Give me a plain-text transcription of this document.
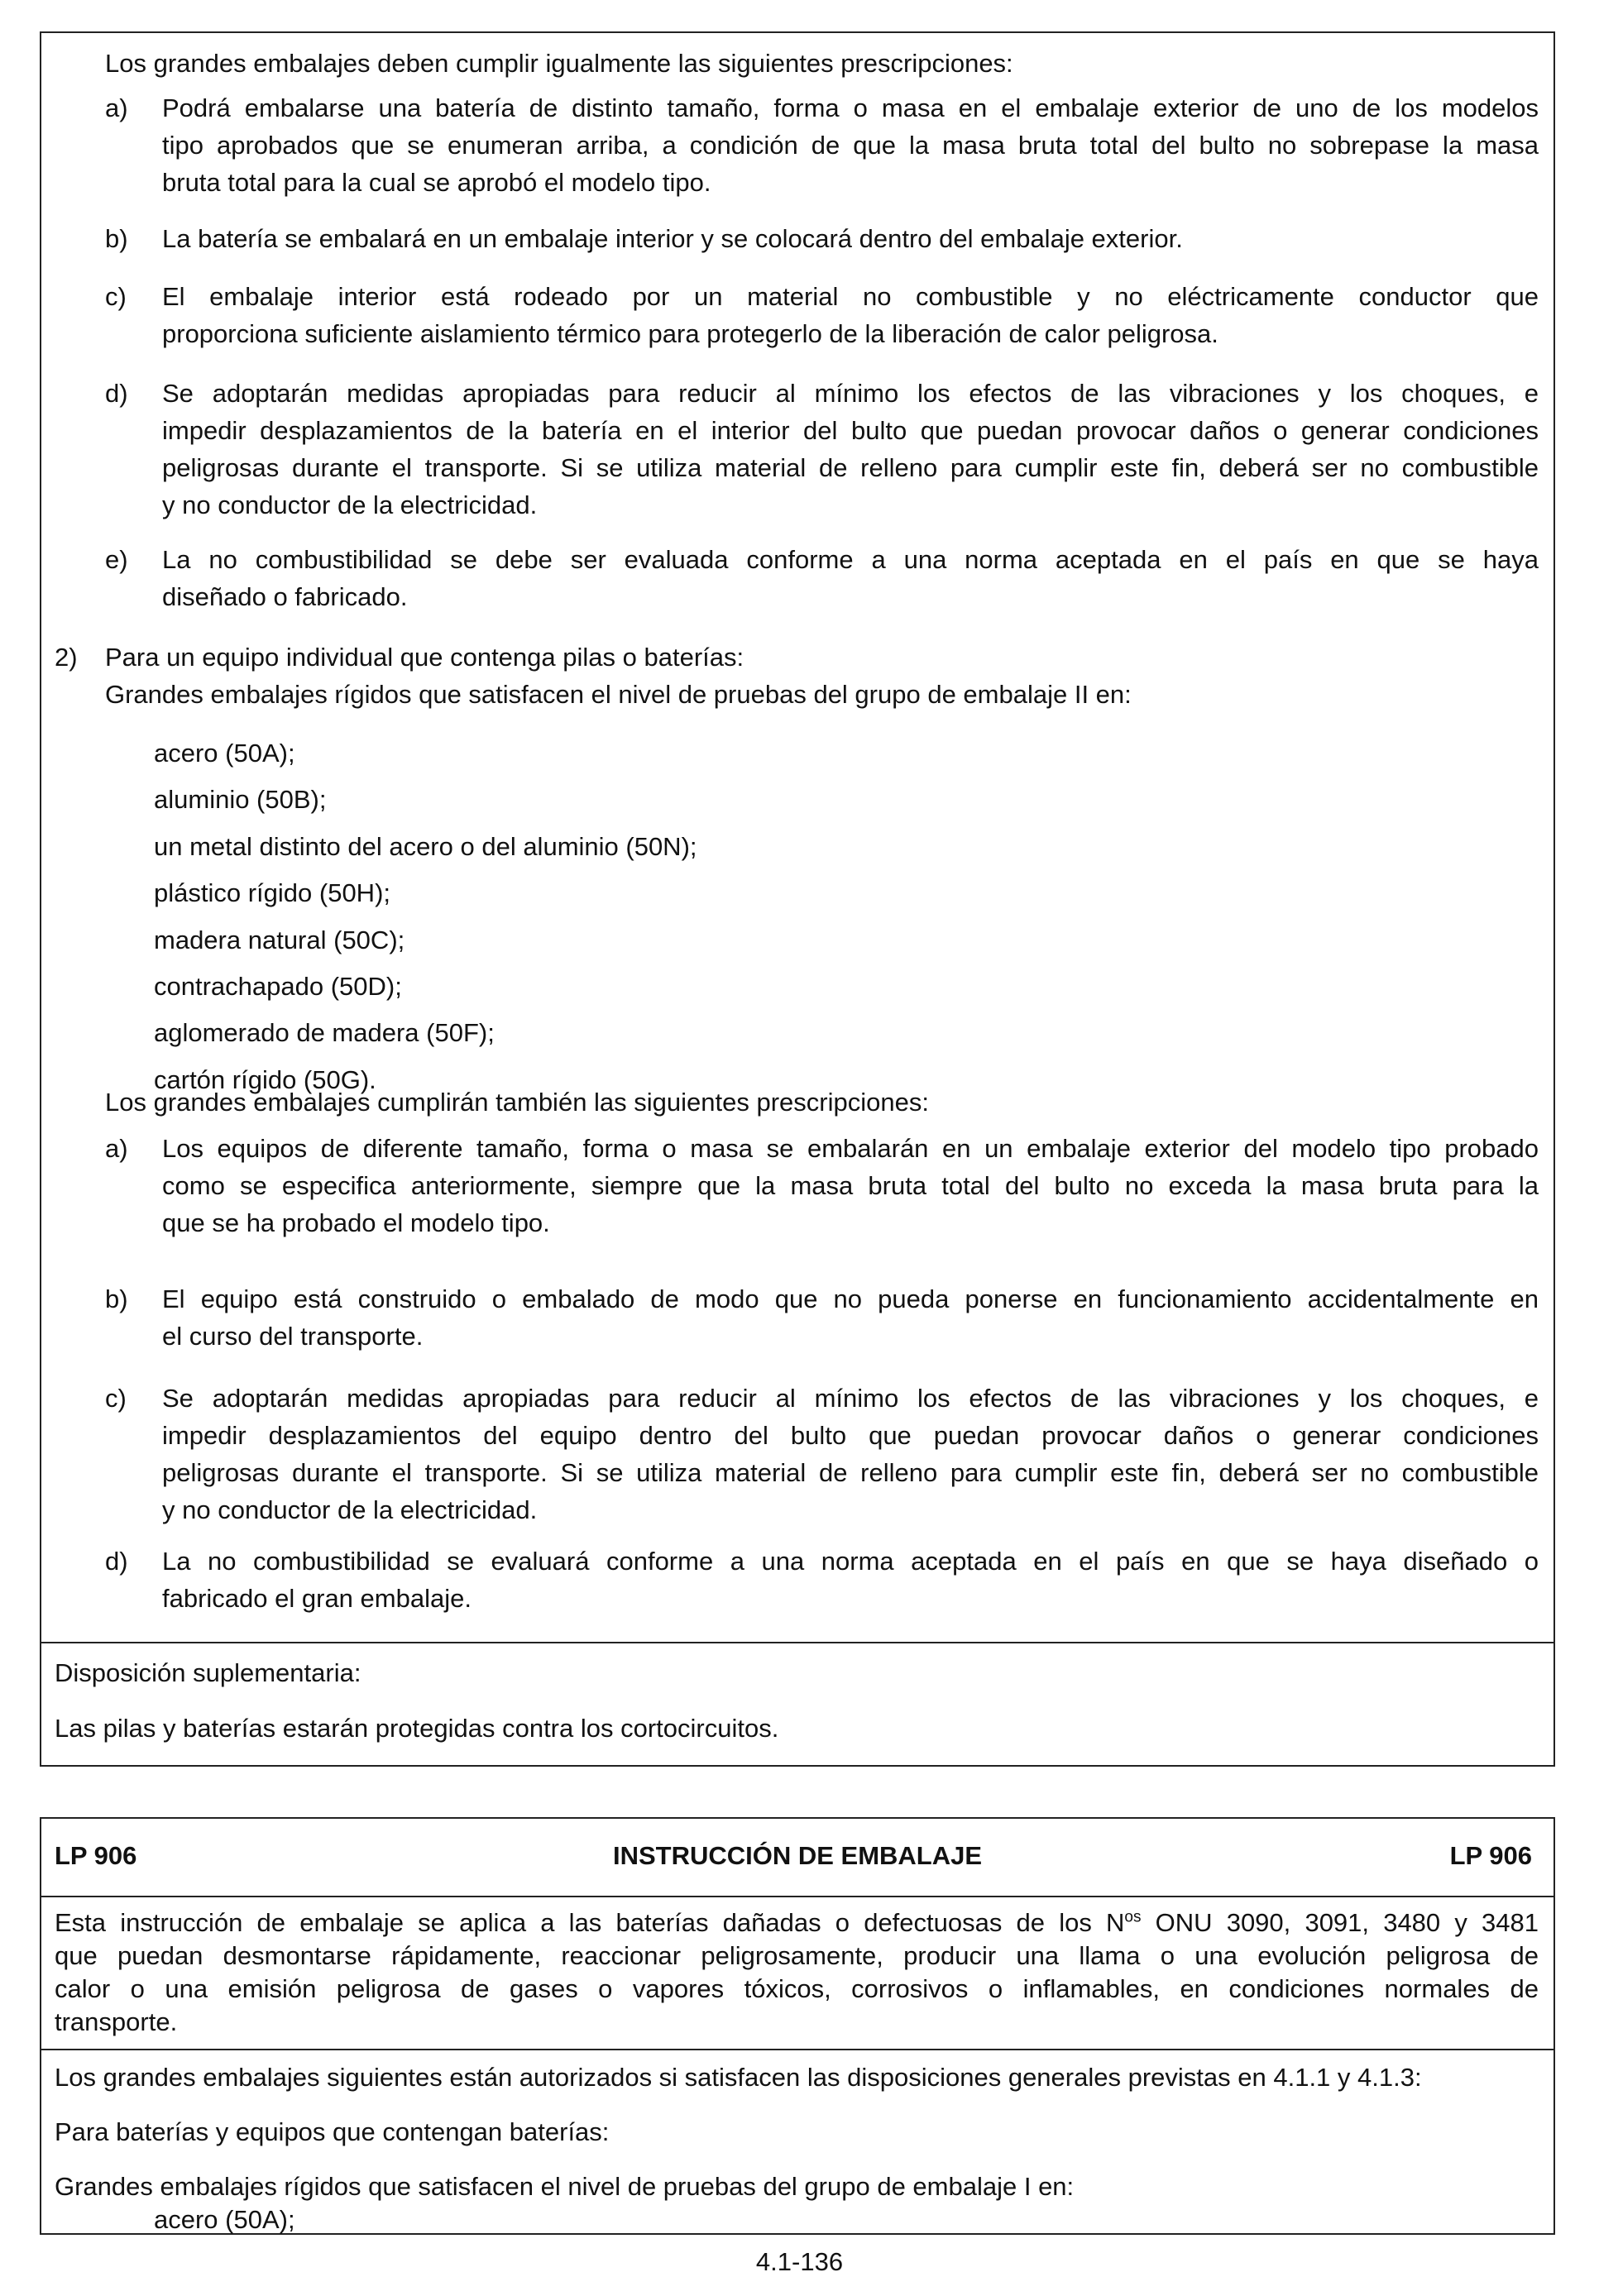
Los grandes embalajes deben cumplir igualmente las siguientes prescripciones:
a) Podrá embalarse una batería de distinto tamaño, forma o masa en el embalaje exterior de uno de los modelos
tipo aprobados que se enumeran arriba, a condición de que la masa bruta total del bulto no sobrepase la masa
bruta total para la cual se aprobó el modelo tipo.
b) La batería se embalará en un embalaje interior y se colocará dentro del embalaje exterior.
c) El embalaje interior está rodeado por un material no combustible y no eléctricamente conductor que
proporciona suficiente aislamiento térmico para protegerlo de la liberación de calor peligrosa.
d) Se adoptarán medidas apropiadas para reducir al mínimo los efectos de las vibraciones y los choques, e
impedir desplazamientos de la batería en el interior del bulto que puedan provocar daños o generar condiciones
peligrosas durante el transporte. Si se utiliza material de relleno para cumplir este fin, deberá ser no combustible
y no conductor de la electricidad.
e) La no combustibilidad se debe ser evaluada conforme a una norma aceptada en el país en que se haya
diseñado o fabricado.
2) Para un equipo individual que contenga pilas o baterías:
Grandes embalajes rígidos que satisfacen el nivel de pruebas del grupo de embalaje II en:
acero (50A);
aluminio (50B);
un metal distinto del acero o del aluminio (50N);
plástico rígido (50H);
madera natural (50C);
contrachapado (50D);
aglomerado de madera (50F);
cartón rígido (50G).
Los grandes embalajes cumplirán también las siguientes prescripciones:
a) Los equipos de diferente tamaño, forma o masa se embalarán en un embalaje exterior del modelo tipo probado
como se especifica anteriormente, siempre que la masa bruta total del bulto no exceda la masa bruta para la
que se ha probado el modelo tipo.
b) El equipo está construido o embalado de modo que no pueda ponerse en funcionamiento accidentalmente en
el curso del transporte.
c) Se adoptarán medidas apropiadas para reducir al mínimo los efectos de las vibraciones y los choques, e
impedir desplazamientos del equipo dentro del bulto que puedan provocar daños o generar condiciones
peligrosas durante el transporte. Si se utiliza material de relleno para cumplir este fin, deberá ser no combustible
y no conductor de la electricidad.
d) La no combustibilidad se evaluará conforme a una norma aceptada en el país en que se haya diseñado o
fabricado el gran embalaje.
Disposición suplementaria:
Las pilas y baterías estarán protegidas contra los cortocircuitos.
LP 906	INSTRUCCIÓN DE EMBALAJE	LP 906
Esta instrucción de embalaje se aplica a las baterías dañadas o defectuosas de los $N^{os}$ ONU 3090, 3091, 3480 y 3481
que puedan desmontarse rápidamente, reaccionar peligrosamente, producir una llama o una evolución peligrosa de
calor o una emisión peligrosa de gases o vapores tóxicos, corrosivos o inflamables, en condiciones normales de
transporte.
Los grandes embalajes siguientes están autorizados si satisfacen las disposiciones generales previstas en 4.1.1 y 4.1.3:
Para baterías y equipos que contengan baterías:
Grandes embalajes rígidos que satisfacen el nivel de pruebas del grupo de embalaje I en:
acero (50A);
4.1-136
